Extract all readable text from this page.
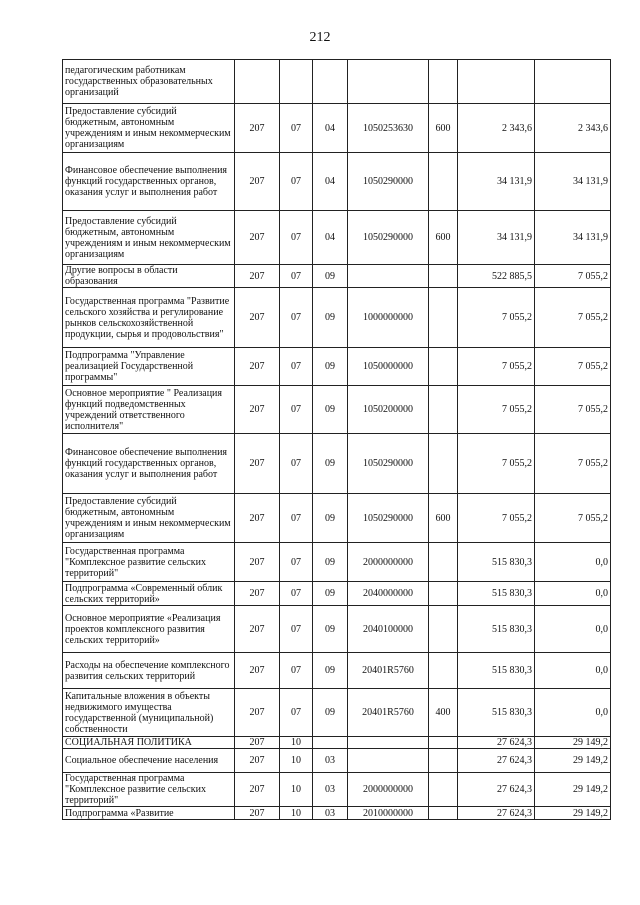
212
педагогическим работникам государственных образовательных организаций							
Предоставление субсидий бюджетным, автономным учреждениям и иным некоммерческим организациям	207	07	04	1050253630	600	2 343,6	2 343,6
Финансовое обеспечение выполнения функций государственных органов, оказания услуг и выполнения работ	207	07	04	1050290000		34 131,9	34 131,9
Предоставление субсидий бюджетным, автономным учреждениям и иным некоммерческим организациям	207	07	04	1050290000	600	34 131,9	34 131,9
Другие вопросы в области образования	207	07	09			522 885,5	7 055,2
Государственная программа "Развитие сельского хозяйства и регулирование рынков сельскохозяйственной продукции, сырья и продовольствия"	207	07	09	1000000000		7 055,2	7 055,2
Подпрограмма "Управление реализацией Государственной программы"	207	07	09	1050000000		7 055,2	7 055,2
Основное мероприятие " Реализация функций подведомственных учреждений ответственного исполнителя"	207	07	09	1050200000		7 055,2	7 055,2
Финансовое обеспечение выполнения функций государственных органов, оказания услуг и выполнения работ	207	07	09	1050290000		7 055,2	7 055,2
Предоставление субсидий бюджетным, автономным учреждениям и иным некоммерческим организациям	207	07	09	1050290000	600	7 055,2	7 055,2
Государственная программа "Комплексное развитие сельских территорий"	207	07	09	2000000000		515 830,3	0,0
Подпрограмма «Современный облик сельских территорий»	207	07	09	2040000000		515 830,3	0,0
Основное мероприятие «Реализация проектов комплексного развития сельских территорий»	207	07	09	2040100000		515 830,3	0,0
Расходы на обеспечение комплексного развития сельских территорий	207	07	09	20401R5760		515 830,3	0,0
Капитальные вложения в объекты недвижимого имущества государственной (муниципальной) собственности	207	07	09	20401R5760	400	515 830,3	0,0
СОЦИАЛЬНАЯ ПОЛИТИКА	207	10				27 624,3	29 149,2
Социальное обеспечение населения	207	10	03			27 624,3	29 149,2
Государственная программа "Комплексное развитие сельских территорий"	207	10	03	2000000000		27 624,3	29 149,2
Подпрограмма «Развитие	207	10	03	2010000000		27 624,3	29 149,2
